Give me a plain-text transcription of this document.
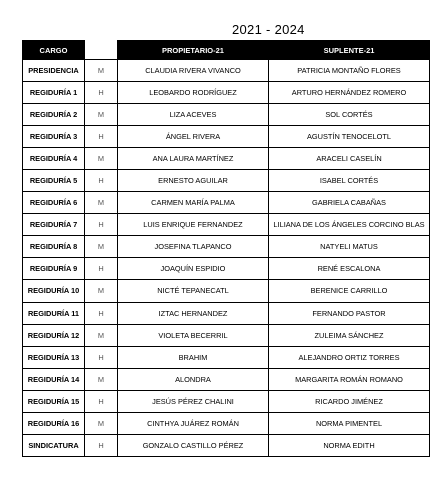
2021 - 2024
CARGO		PROPIETARIO-21	SUPLENTE-21
PRESIDENCIA	M	CLAUDIA RIVERA VIVANCO	PATRICIA MONTAÑO FLORES
REGIDURÍA 1	H	LEOBARDO RODRÍGUEZ	ARTURO HERNÁNDEZ ROMERO
REGIDURÍA 2	M	LIZA ACEVES	SOL CORTÉS
REGIDURÍA 3	H	ÁNGEL RIVERA	AGUSTÍN TENOCELOTL
REGIDURÍA 4	M	ANA LAURA MARTÍNEZ	ARACELI CASELÍN
REGIDURÍA 5	H	ERNESTO AGUILAR	ISABEL CORTÉS
REGIDURÍA 6	M	CARMEN MARÍA PALMA	GABRIELA CABAÑAS
REGIDURÍA 7	H	LUIS ENRIQUE FERNANDEZ	LILIANA DE LOS ÁNGELES CORCINO BLAS
REGIDURÍA 8	M	JOSEFINA TLAPANCO	NATYELI MATUS
REGIDURÍA 9	H	JOAQUÍN ESPIDIO	RENÉ ESCALONA
REGIDURÍA 10	M	NICTÉ TEPANECATL	BERENICE CARRILLO
REGIDURÍA 11	H	IZTAC HERNANDEZ	FERNANDO PASTOR
REGIDURÍA 12	M	VIOLETA BECERRIL	ZULEIMA SÁNCHEZ
REGIDURÍA 13	H	BRAHIM	ALEJANDRO ORTIZ TORRES
REGIDURÍA 14	M	ALONDRA	MARGARITA ROMÁN ROMANO
REGIDURÍA 15	H	JESÚS PÉREZ CHALINI	RICARDO JIMÉNEZ
REGIDURÍA 16	M	CINTHYA JUÁREZ ROMÁN	NORMA PIMENTEL
SINDICATURA	H	GONZALO CASTILLO PÉREZ	NORMA EDITH
